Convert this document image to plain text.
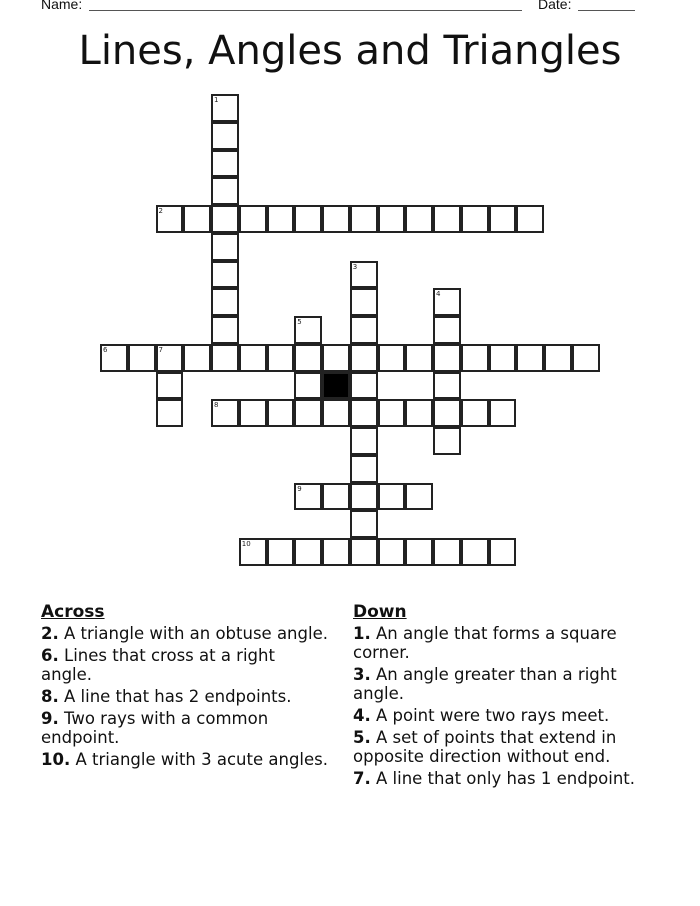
Name:	Date:
Lines, Angles and Triangles
1
2
3
4
5
6	7
8
9
10
Across
2. A triangle with an obtuse angle.
6. Lines that cross at a right angle.
8. A line that has 2 endpoints.
9. Two rays with a common endpoint.
10. A triangle with 3 acute angles.
Down
1. An angle that forms a square corner.
3. An angle greater than a right angle.
4. A point were two rays meet.
5. A set of points that extend in opposite direction without end.
7. A line that only has 1 endpoint.
